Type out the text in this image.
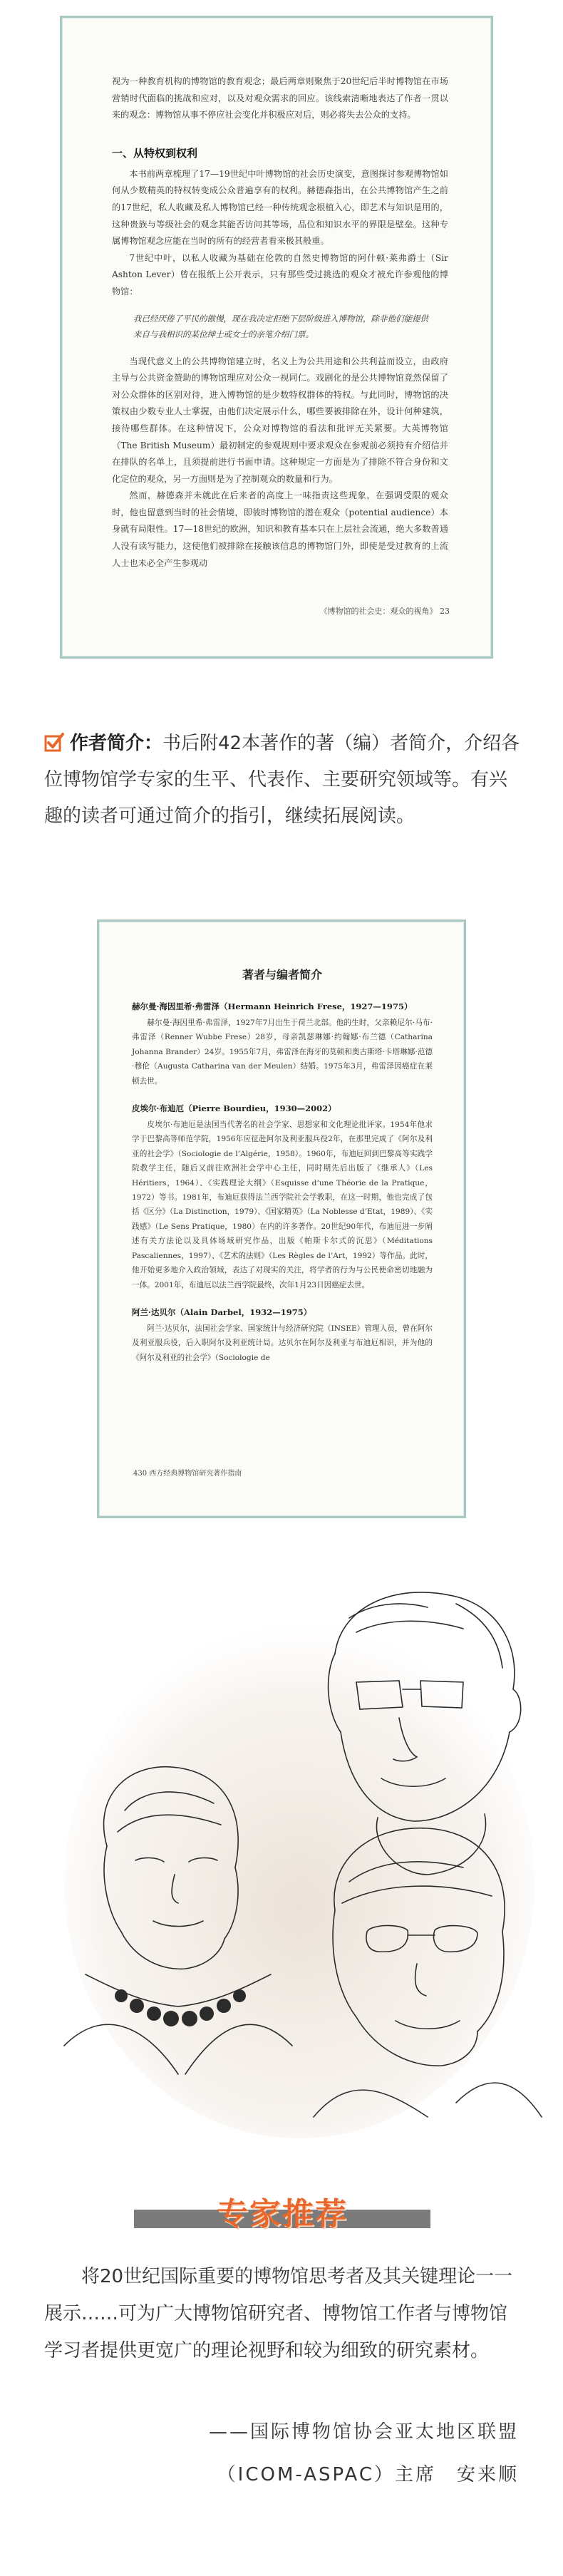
视为一种教育机构的博物馆的教育观念；最后两章则聚焦于20世纪后半时博物馆在市场营销时代面临的挑战和应对，以及对观众需求的回应。该线索清晰地表达了作者一贯以来的观念：博物馆从事不停应社会变化并积极应对后，则必将失去公众的支持。

一、从特权到权利

本书前两章梳理了17—19世纪中叶博物馆的社会历史演变，意图探讨参观博物馆如何从少数精英的特权转变成公众普遍享有的权利。赫德森指出，在公共博物馆产生之前的17世纪，私人收藏及私人博物馆已经一种传统观念根植入心，即艺术与知识是用的，这种贵族与等级社会的观念其能否访问其等场，品位和知识水平的界限是壁垒。这种专属博物馆观念应能在当时的所有的经营者看来极其般重。

7世纪中叶，以私人收藏为基础在伦敦的自然史博物馆的阿什顿·莱弗爵士（Sir Ashton Lever）曾在报纸上公开表示，只有那些受过挑选的观众才被允许参观他的博物馆：

我已经厌倦了平民的傲慢，现在我决定拒绝下层阶级进入博物馆，除非他们能提供来自与我相识的某位绅士或女士的亲笔介绍门票。

当现代意义上的公共博物馆建立时，名义上为公共用途和公共利益而设立，由政府主导与公共资金赞助的博物馆理应对公众一视同仁。戏剧化的是公共博物馆竟然保留了对公众群体的区别对待，进入博物馆的是少数特权群体的特权。与此同时，博物馆的决策权由少数专业人士掌握，由他们决定展示什么，哪些要被排除在外，设计何种建筑，接待哪些群体。在这种情况下，公众对博物馆的看法和批评无关紧要。大英博物馆（The British Museum）最初制定的参观规则中要求观众在参观前必须持有介绍信并在排队的名单上，且须提前进行书面申请。这种规定一方面是为了排除不符合身份和文化定位的观众，另一方面则是为了控制观众的数量和行为。

然而，赫德森并未就此在后来者的高度上一味指责这些现象，在强调受限的观众时，他也留意到当时的社会情境，即彼时博物馆的潜在观众（potential audience）本身就有局限性。17—18世纪的欧洲，知识和教育基本只在上层社会流通，绝大多数普通人没有读写能力，这使他们被排除在接触该信息的博物馆门外，即使是受过教育的上流人士也未必全产生参观动

《博物馆的社会史：观众的视角》 23
作者简介：书后附42本著作的著（编）者简介，介绍各位博物馆学专家的生平、代表作、主要研究领域等。有兴趣的读者可通过简介的指引，继续拓展阅读。
著者与编者简介
赫尔曼·海因里希·弗雷泽（Hermann Heinrich Frese，1927—1975）

赫尔曼·海因里希·弗雷泽，1927年7月出生于荷兰北部。他的生时，父亲赖尼尔·马布·弗雷泽（Renner Wubbe Frese）28岁，母亲凯瑟琳娜·约翰娜·布兰德（Catharina Johanna Brander）24岁。1955年7月，弗雷泽在海牙的莫顿和奥古斯塔·卡塔琳娜·范德·穆伦（Augusta Catharina van der Meulen）结婚。1975年3月，弗雷泽因癌症在莱顿去世。

皮埃尔·布迪厄（Pierre Bourdieu，1930—2002）

皮埃尔·布迪厄是法国当代著名的社会学家、思想家和文化理论批评家。1954年他求学于巴黎高等师范学院，1956年应征赴阿尔及利亚服兵役2年，在那里完成了《阿尔及利亚的社会学》（Sociologie de l’Algérie，1958）。1960年，布迪厄回到巴黎高等实践学院教学主任，随后又前往欧洲社会学中心主任，同时期先后出版了《继承人》（Les Héritiers，1964）、《实践理论大纲》（Esquisse d’une Théorie de la Pratique，1972）等书。1981年，布迪厄获得法兰西学院社会学教职，在这一时期，他也完成了包括《区分》（La Distinction，1979）、《国家精英》（La Noblesse d’Etat，1989）、《实践感》（Le Sens Pratique，1980）在内的许多著作。20世纪90年代，布迪厄进一步阐述有关方法论以及具体场域研究作品，出版《帕斯卡尔式的沉思》（Méditations Pascaliennes，1997）、《艺术的法则》（Les Règles de l’Art，1992）等作品。此时，他开始更多地介入政治领域，表达了对现实的关注，将学者的行为与公民使命密切地融为一体。2001年，布迪厄以法兰西学院最终，次年1月23日因癌症去世。

阿兰·达贝尔（Alain Darbel，1932—1975）

阿兰·达贝尔，法国社会学家、国家统计与经济研究院（INSEE）管理人员，曾在阿尔及利亚服兵役，后入职阿尔及利亚统计局。达贝尔在阿尔及利亚与布迪厄相识，并为他的《阿尔及利亚的社会学》（Sociologie de

430 西方经典博物馆研究著作指南
专家推荐
将20世纪国际重要的博物馆思考者及其关键理论一一展示……可为广大博物馆研究者、博物馆工作者与博物馆学习者提供更宽广的理论视野和较为细致的研究素材。
——国际博物馆协会亚太地区联盟
（ICOM-ASPAC）主席　安来顺
